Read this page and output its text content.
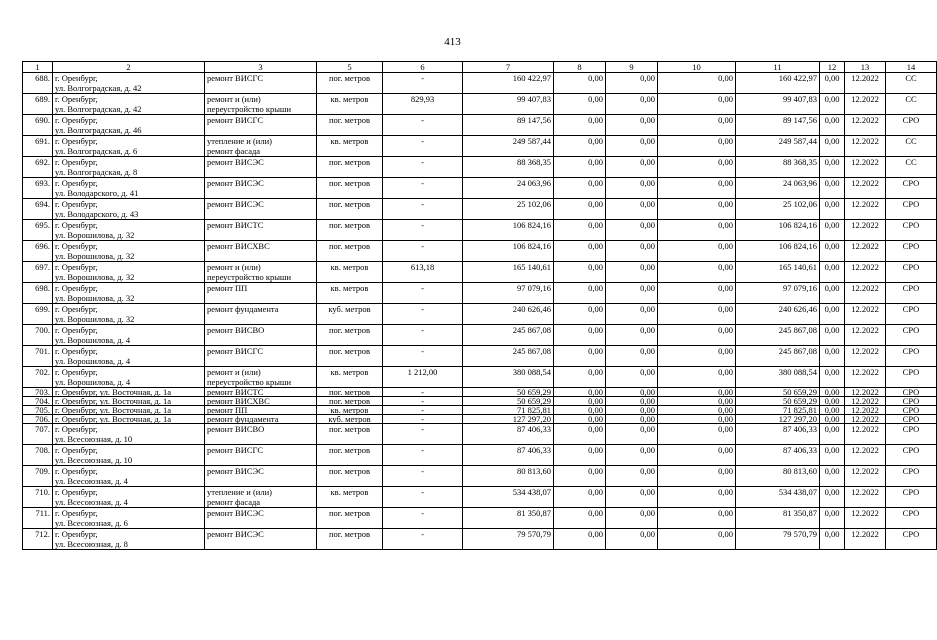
413
1	2	3	5	6	7	8	9	10	11	12	13	14
688.	г. Оренбург,
ул. Волгоградская, д. 42	ремонт ВИСГС	пог. метров	-	160 422,97	0,00	0,00	0,00	160 422,97	0,00	12.2022	СС
689.	г. Оренбург,
ул. Волгоградская, д. 42	ремонт и (или)
переустройство крыши	кв. метров	829,93	99 407,83	0,00	0,00	0,00	99 407,83	0,00	12.2022	СС
690.	г. Оренбург,
ул. Волгоградская, д. 46	ремонт ВИСГС	пог. метров	-	89 147,56	0,00	0,00	0,00	89 147,56	0,00	12.2022	СРО
691.	г. Оренбург,
ул. Волгоградская, д. 6	утепление и (или)
ремонт фасада	кв. метров	-	249 587,44	0,00	0,00	0,00	249 587,44	0,00	12.2022	СС
692.	г. Оренбург,
ул. Волгоградская, д. 8	ремонт ВИСЭС	пог. метров	-	88 368,35	0,00	0,00	0,00	88 368,35	0,00	12.2022	СС
693.	г. Оренбург,
ул. Володарского, д. 41	ремонт ВИСЭС	пог. метров	-	24 063,96	0,00	0,00	0,00	24 063,96	0,00	12.2022	СРО
694.	г. Оренбург,
ул. Володарского, д. 43	ремонт ВИСЭС	пог. метров	-	25 102,06	0,00	0,00	0,00	25 102,06	0,00	12.2022	СРО
695.	г. Оренбург,
ул. Ворошилова, д. 32	ремонт ВИСТС	пог. метров	-	106 824,16	0,00	0,00	0,00	106 824,16	0,00	12.2022	СРО
696.	г. Оренбург,
ул. Ворошилова, д. 32	ремонт ВИСХВС	пог. метров	-	106 824,16	0,00	0,00	0,00	106 824,16	0,00	12.2022	СРО
697.	г. Оренбург,
ул. Ворошилова, д. 32	ремонт и (или)
переустройство крыши	кв. метров	613,18	165 140,61	0,00	0,00	0,00	165 140,61	0,00	12.2022	СРО
698.	г. Оренбург,
ул. Ворошилова, д. 32	ремонт ПП	кв. метров	-	97 079,16	0,00	0,00	0,00	97 079,16	0,00	12.2022	СРО
699.	г. Оренбург,
ул. Ворошилова, д. 32	ремонт фундамента	куб. метров	-	240 626,46	0,00	0,00	0,00	240 626,46	0,00	12.2022	СРО
700.	г. Оренбург,
ул. Ворошилова, д. 4	ремонт ВИСВО	пог. метров	-	245 867,08	0,00	0,00	0,00	245 867,08	0,00	12.2022	СРО
701.	г. Оренбург,
ул. Ворошилова, д. 4	ремонт ВИСГС	пог. метров	-	245 867,08	0,00	0,00	0,00	245 867,08	0,00	12.2022	СРО
702.	г. Оренбург,
ул. Ворошилова, д. 4	ремонт и (или)
переустройство крыши	кв. метров	1 212,00	380 088,54	0,00	0,00	0,00	380 088,54	0,00	12.2022	СРО
703.	г. Оренбург, ул. Восточная, д. 1а	ремонт ВИСТС	пог. метров	-	50 659,29	0,00	0,00	0,00	50 659,29	0,00	12.2022	СРО
704.	г. Оренбург, ул. Восточная, д. 1а	ремонт ВИСХВС	пог. метров	-	50 659,29	0,00	0,00	0,00	50 659,29	0,00	12.2022	СРО
705.	г. Оренбург, ул. Восточная, д. 1а	ремонт ПП	кв. метров	-	71 825,81	0,00	0,00	0,00	71 825,81	0,00	12.2022	СРО
706.	г. Оренбург, ул. Восточная, д. 1а	ремонт фундамента	куб. метров	-	127 297,20	0,00	0,00	0,00	127 297,20	0,00	12.2022	СРО
707.	г. Оренбург,
ул. Всесоюзная, д. 10	ремонт ВИСВО	пог. метров	-	87 406,33	0,00	0,00	0,00	87 406,33	0,00	12.2022	СРО
708.	г. Оренбург,
ул. Всесоюзная, д. 10	ремонт ВИСГС	пог. метров	-	87 406,33	0,00	0,00	0,00	87 406,33	0,00	12.2022	СРО
709.	г. Оренбург,
ул. Всесоюзная, д. 4	ремонт ВИСЭС	пог. метров	-	80 813,60	0,00	0,00	0,00	80 813,60	0,00	12.2022	СРО
710.	г. Оренбург,
ул. Всесоюзная, д. 4	утепление и (или)
ремонт фасада	кв. метров	-	534 438,07	0,00	0,00	0,00	534 438,07	0,00	12.2022	СРО
711.	г. Оренбург,
ул. Всесоюзная, д. 6	ремонт ВИСЭС	пог. метров	-	81 350,87	0,00	0,00	0,00	81 350,87	0,00	12.2022	СРО
712.	г. Оренбург,
ул. Всесоюзная, д. 8	ремонт ВИСЭС	пог. метров	-	79 570,79	0,00	0,00	0,00	79 570,79	0,00	12.2022	СРО
